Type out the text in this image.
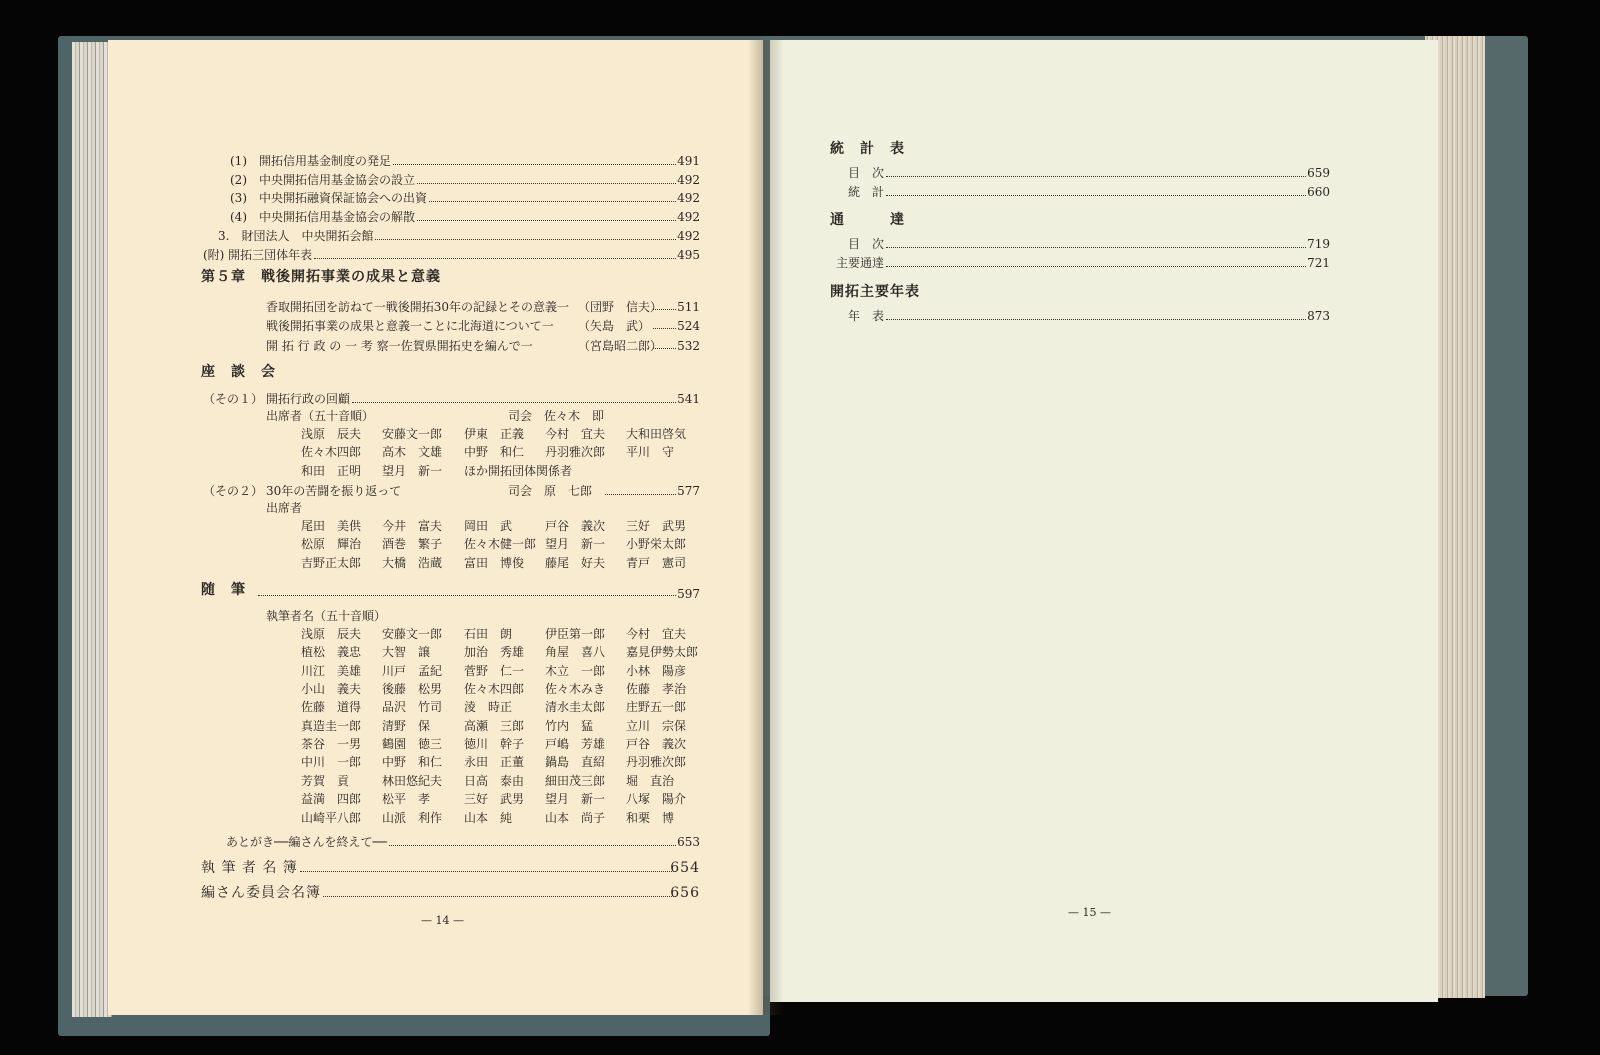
(1)　開拓信用基金制度の発足	491
(2)　中央開拓信用基金協会の設立	492
(3)　中央開拓融資保証協会への出資	492
(4)　中央開拓信用基金協会の解散	492
3.　財団法人　中央開拓会館	492
(附) 開拓三団体年表	495
第５章　戦後開拓事業の成果と意義
香取開拓団を訪ねて一戦後開拓30年の記録とその意義一 （団野　信夫）	511
戦後開拓事業の成果と意義一ことに北海道について一 （矢島　武）	524
開 拓 行 政 の 一 考 察一佐賀県開拓史を編んで一	（宮島昭二郎）	532
座　談　会
（その１） 開拓行政の回顧	541
出席者（五十音順）	司会　佐々木　即
浅原　辰夫 安藤文一郎 伊東　正義 今村　宜夫 大和田啓気
佐々木四郎 高木　文雄 中野　和仁 丹羽雅次郎 平川　守
和田　正明 望月　新一 ほか開拓団体関係者
（その２） 30年の苦闘を振り返って	司会　原　七郎	577
出席者
尾田　美供 今井　富夫 岡田　武	戸谷　義次 三好　武男
松原　輝治 酒巻　繁子 佐々木健一郎 望月　新一 小野栄太郎
吉野正太郎 大橋　浩蔵 富田　博俊 藤尾　好夫 青戸　憲司
随　筆	597
執筆者名（五十音順）
浅原　辰夫 安藤文一郎 石田　朗	伊臣第一郎 今村　宜夫
植松　義忠 大智　譲	加治　秀雄 角屋　喜八 嘉見伊勢太郎
川江　美雄 川戸　孟紀 菅野　仁一 木立　一郎 小林　陽彦
小山　義夫 後藤　松男 佐々木四郎 佐々木みき 佐藤　孝治
佐藤　道得 品沢　竹司 淩　時正	清水圭太郎 庄野五一郎
真造圭一郎 清野　保	高瀬　三郎 竹内　猛	立川　宗保
茶谷　一男 鶴園　徳三 徳川　幹子 戸嶋　芳雄 戸谷　義次
中川　一郎 中野　和仁 永田　正董 鍋島　直紹 丹羽雅次郎
芳賀　貢	林田悠紀夫 日高　泰由 細田茂三郎 堀　直治
益満　四郎 松平　孝	三好　武男 望月　新一 八塚　陽介
山崎平八郎 山派　利作 山本　純	山本　尚子 和栗　博
あとがき──編さんを終えて──	653
執 筆 者 名 簿	654
編さん委員会名簿	656
— 14 —
統　計　表
目　次	659
統　計	660
通　　　達
目　次	719
主要通達	721
開拓主要年表
年　表	873
— 15 —
